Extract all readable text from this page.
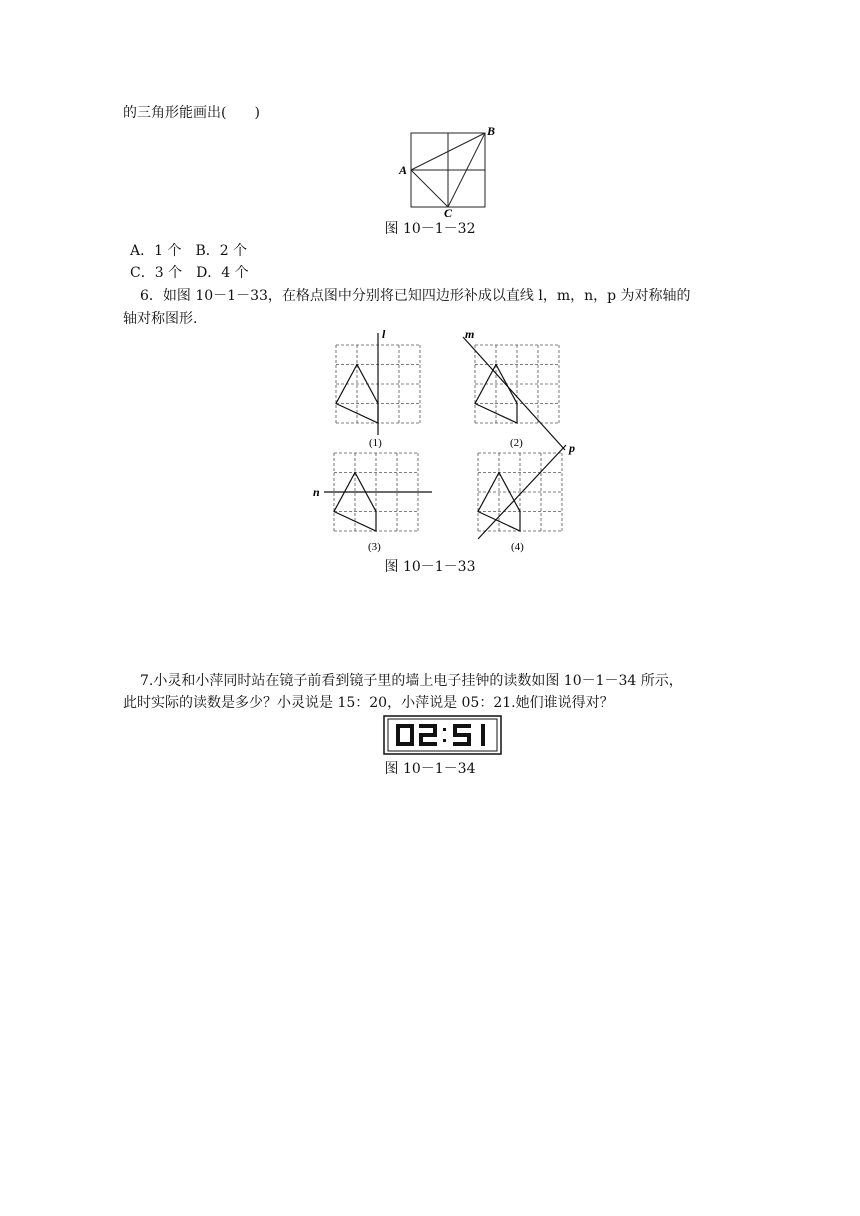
的三角形能画出(　　)
A
B
C
图 10－1－32
A．1 个　B．2 个
C．3 个　D．4 个
6．如图 10－1－33，在格点图中分别将已知四边形补成以直线 l，m，n，p 为对称轴的
轴对称图形.
l
(1)
m
(2)
n
(3)
p
(4)
图 10－1－33
7.小灵和小萍同时站在镜子前看到镜子里的墙上电子挂钟的读数如图 10－1－34 所示，
此时实际的读数是多少？小灵说是 15：20，小萍说是 05：21.她们谁说得对？
图 10－1－34
